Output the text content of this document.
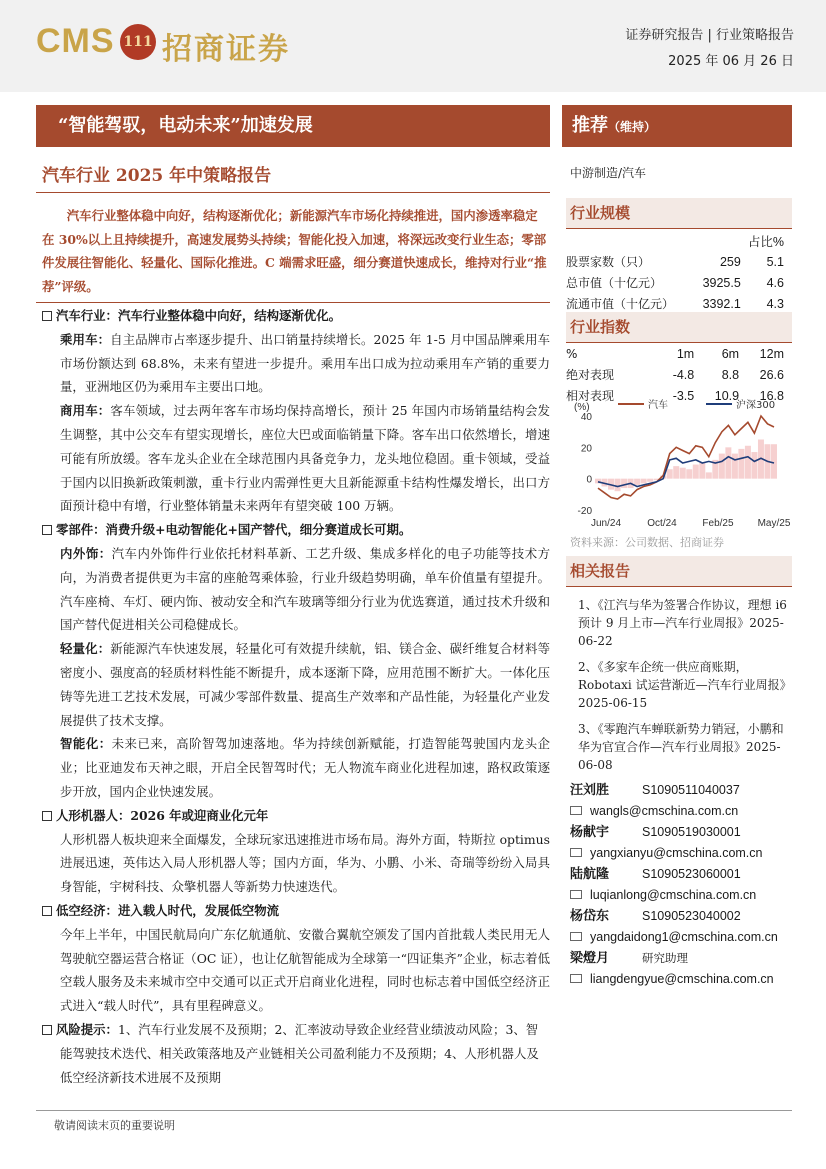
CMS 111 招商证券	证券研究报告 | 行业策略报告
2025 年 06 月 26 日
“智能驾驭，电动未来”加速发展	推荐（维持）
汽车行业 2025 年中策略报告
汽车行业整体稳中向好，结构逐渐优化；新能源汽车市场化持续推进，国内渗透率稳定在 30%以上且持续提升，高速发展势头持续；智能化投入加速，将深远改变行业生态；零部件发展往智能化、轻量化、国际化推进。C 端需求旺盛，细分赛道快速成长，维持对行业“推荐”评级。

汽车行业：汽车行业整体稳中向好，结构逐渐优化。

乘用车：自主品牌市占率逐步提升、出口销量持续增长。2025 年 1-5 月中国品牌乘用车市场份额达到 68.8%，未来有望进一步提升。乘用车出口成为拉动乘用车产销的重要力量，亚洲地区仍为乘用车主要出口地。

商用车：客车领域，过去两年客车市场均保持高增长，预计 25 年国内市场销量结构会发生调整，其中公交车有望实现增长，座位大巴或面临销量下降。客车出口依然增长，增速可能有所放缓。客车龙头企业在全球范围内具备竞争力，龙头地位稳固。重卡领域，受益于国内以旧换新政策刺激，重卡行业内需弹性更大且新能源重卡结构性爆发增长，出口方面预计稳中有增，行业整体销量未来两年有望突破 100 万辆。

零部件：消费升级+电动智能化+国产替代，细分赛道成长可期。

内外饰：汽车内外饰件行业依托材料革新、工艺升级、集成多样化的电子功能等技术方向，为消费者提供更为丰富的座舱驾乘体验，行业升级趋势明确，单车价值量有望提升。汽车座椅、车灯、硬内饰、被动安全和汽车玻璃等细分行业为优选赛道，通过技术升级和国产替代促进相关公司稳健成长。

轻量化：新能源汽车快速发展，轻量化可有效提升续航，铝、镁合金、碳纤维复合材料等密度小、强度高的轻质材料性能不断提升，成本逐渐下降，应用范围不断扩大。一体化压铸等先进工艺技术发展，可减少零部件数量、提高生产效率和产品性能，为轻量化产业发展提供了技术支撑。

智能化：未来已来，高阶智驾加速落地。华为持续创新赋能，打造智能驾驶国内龙头企业；比亚迪发布天神之眼，开启全民智驾时代；无人物流车商业化进程加速，路权政策逐步开放，国内企业快速发展。

人形机器人：2026 年或迎商业化元年

人形机器人板块迎来全面爆发，全球玩家迅速推进市场布局。海外方面，特斯拉 optimus 进展迅速，英伟达入局人形机器人等；国内方面，华为、小鹏、小米、奇瑞等纷纷入局具身智能，宇树科技、众擎机器人等新势力快速迭代。

低空经济：进入载人时代，发展低空物流

今年上半年，中国民航局向广东亿航通航、安徽合翼航空颁发了国内首批载人类民用无人驾驶航空器运营合格证（OC 证），也让亿航智能成为全球第一“四证集齐”企业，标志着低空载人服务及未来城市空中交通可以正式开启商业化进程，同时也标志着中国低空经济正式进入“载人时代”，具有里程碑意义。

风险提示：1、汽车行业发展不及预期；2、汇率波动导致企业经营业绩波动风险；3、智能驾驶技术迭代、相关政策落地及产业链相关公司盈利能力不及预期；4、人形机器人及低空经济新技术进展不及预期

中游制造/汽车
行业规模
		占比%
股票家数（只）	259	5.1
总市值（十亿元）	3925.5	4.6
流通市值（十亿元）	3392.1	4.3
行业指数
%	1m	6m	12m
绝对表现	-4.8	8.8	26.6
相对表现	-3.5	10.9	16.8
(%)
40
20
0
-20
Jun/24	Oct/24	Feb/25 May/25
汽车	沪深300
资料来源：公司数据、招商证券
相关报告

1、《江汽与华为签署合作协议，理想 i6 预计 9 月上市—汽车行业周报》2025-06-22

2、《多家车企统一供应商账期，Robotaxi 试运营渐近—汽车行业周报》2025-06-15

3、《零跑汽车蝉联新势力销冠，小鹏和华为官宣合作—汽车行业周报》2025-06-08

汪刘胜	S1090511040037
wangls@cmschina.com.cn
杨献宇	S1090519030001
yangxianyu@cmschina.com.cn
陆航隆	S1090523060001
luqianlong@cmschina.com.cn
杨岱东	S1090523040002
yangdaidong1@cmschina.com.cn
梁燈月	研究助理
liangdengyue@cmschina.com.cn
敬请阅读末页的重要说明
